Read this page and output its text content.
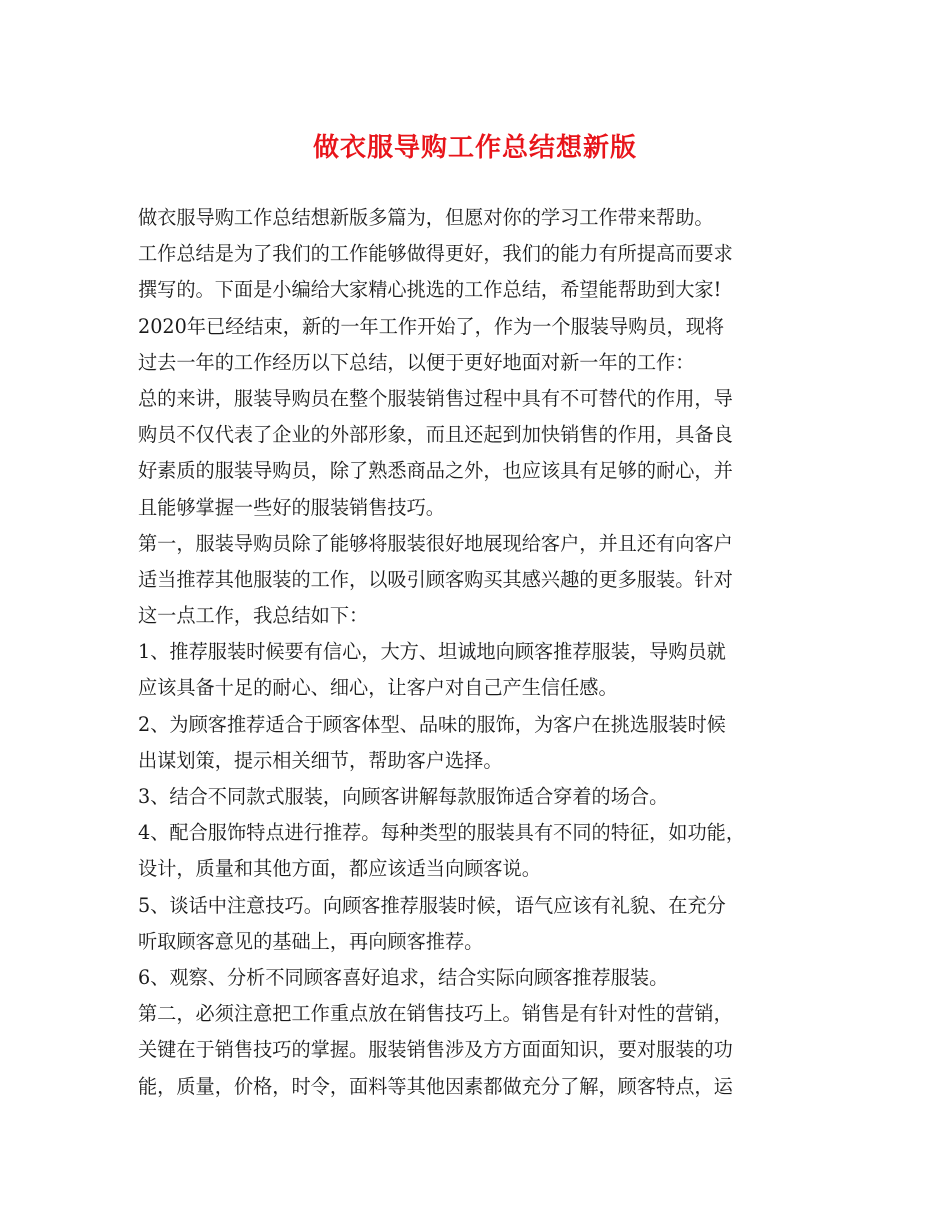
做衣服导购工作总结想新版
做衣服导购工作总结想新版多篇为，但愿对你的学习工作带来帮助。
工作总结是为了我们的工作能够做得更好，我们的能力有所提高而要求
撰写的。下面是小编给大家精心挑选的工作总结，希望能帮助到大家!
2020年已经结束，新的一年工作开始了，作为一个服装导购员，现将
过去一年的工作经历以下总结，以便于更好地面对新一年的工作：
总的来讲，服装导购员在整个服装销售过程中具有不可替代的作用，导
购员不仅代表了企业的外部形象，而且还起到加快销售的作用，具备良
好素质的服装导购员，除了熟悉商品之外，也应该具有足够的耐心，并
且能够掌握一些好的服装销售技巧。
第一，服装导购员除了能够将服装很好地展现给客户，并且还有向客户
适当推荐其他服装的工作，以吸引顾客购买其感兴趣的更多服装。针对
这一点工作，我总结如下：
1、推荐服装时候要有信心，大方、坦诚地向顾客推荐服装，导购员就
应该具备十足的耐心、细心，让客户对自己产生信任感。
2、为顾客推荐适合于顾客体型、品味的服饰，为客户在挑选服装时候
出谋划策，提示相关细节，帮助客户选择。
3、结合不同款式服装，向顾客讲解每款服饰适合穿着的场合。
4、配合服饰特点进行推荐。每种类型的服装具有不同的特征，如功能，
设计，质量和其他方面，都应该适当向顾客说。
5、谈话中注意技巧。向顾客推荐服装时候，语气应该有礼貌、在充分
听取顾客意见的基础上，再向顾客推荐。
6、观察、分析不同顾客喜好追求，结合实际向顾客推荐服装。
第二，必须注意把工作重点放在销售技巧上。销售是有针对性的营销，
关键在于销售技巧的掌握。服装销售涉及方方面面知识，要对服装的功
能，质量，价格，时令，面料等其他因素都做充分了解，顾客特点，运
